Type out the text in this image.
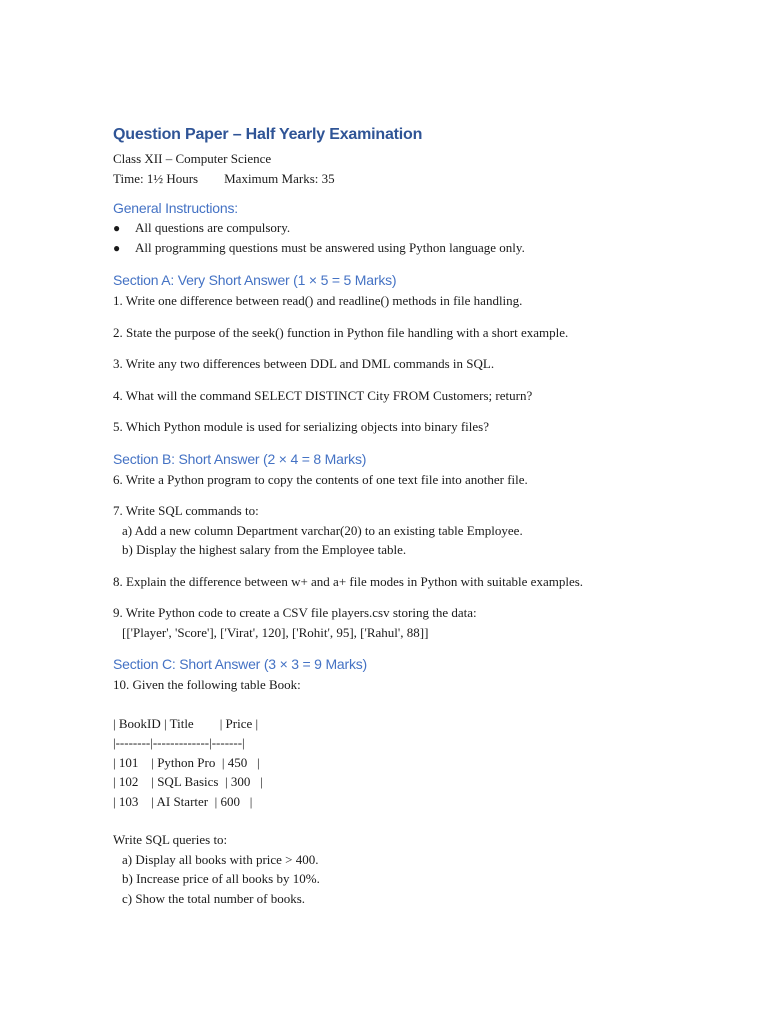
Question Paper – Half Yearly Examination
Class XII – Computer Science
Time: 1½ Hours        Maximum Marks: 35
General Instructions:
● All questions are compulsory.
● All programming questions must be answered using Python language only.
Section A: Very Short Answer (1 × 5 = 5 Marks)
1. Write one difference between read() and readline() methods in file handling.
2. State the purpose of the seek() function in Python file handling with a short example.
3. Write any two differences between DDL and DML commands in SQL.
4. What will the command SELECT DISTINCT City FROM Customers; return?
5. Which Python module is used for serializing objects into binary files?
Section B: Short Answer (2 × 4 = 8 Marks)
6. Write a Python program to copy the contents of one text file into another file.
7. Write SQL commands to:
a) Add a new column Department varchar(20) to an existing table Employee.
b) Display the highest salary from the Employee table.
8. Explain the difference between w+ and a+ file modes in Python with suitable examples.
9. Write Python code to create a CSV file players.csv storing the data:
[['Player', 'Score'], ['Virat', 120], ['Rohit', 95], ['Rahul', 88]]
Section C: Short Answer (3 × 3 = 9 Marks)
10. Given the following table Book:
| BookID | Title        | Price |
|--------|-------------|-------|
| 101    | Python Pro  | 450   |
| 102    | SQL Basics  | 300   |
| 103    | AI Starter  | 600   |
Write SQL queries to:
a) Display all books with price > 400.
b) Increase price of all books by 10%.
c) Show the total number of books.
